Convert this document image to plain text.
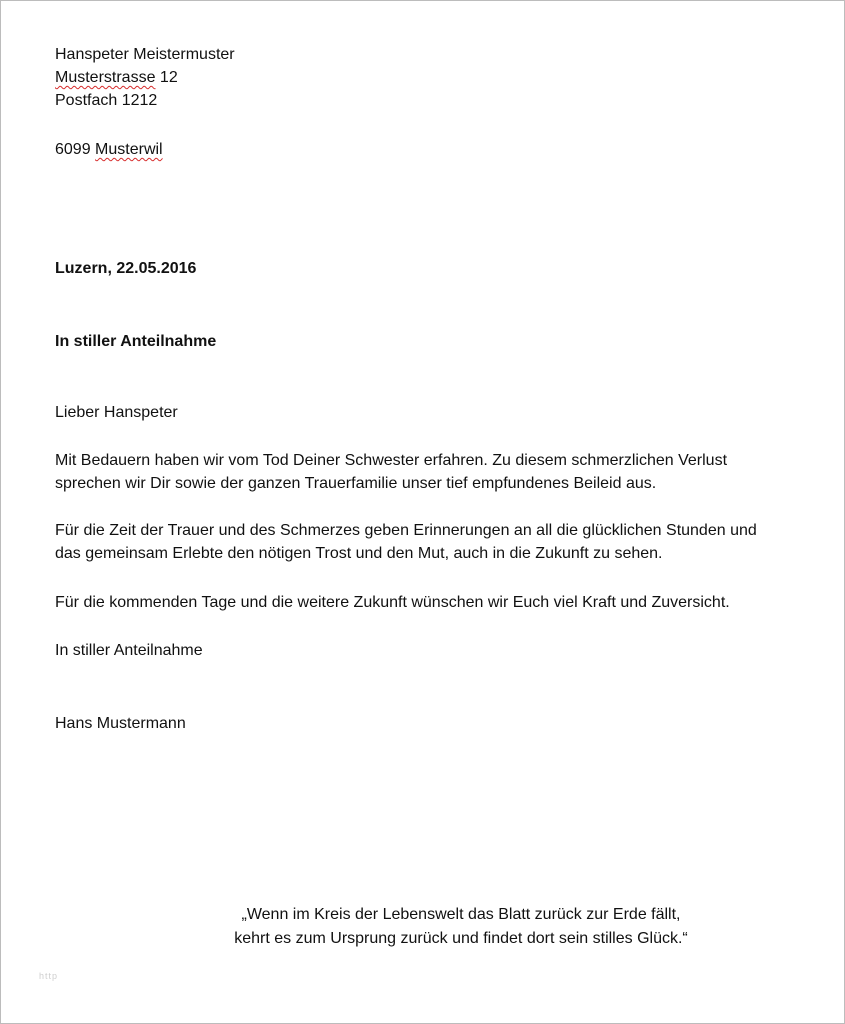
Hanspeter Meistermuster
Musterstrasse 12
Postfach 1212
6099 Musterwil
Luzern, 22.05.2016
In stiller Anteilnahme
Lieber Hanspeter
Mit Bedauern haben wir vom Tod Deiner Schwester erfahren. Zu diesem schmerzlichen Verlust
sprechen wir Dir sowie der ganzen Trauerfamilie unser tief empfundenes Beileid aus.
Für die Zeit der Trauer und des Schmerzes geben Erinnerungen an all die glücklichen Stunden und
das gemeinsam Erlebte den nötigen Trost und den Mut, auch in die Zukunft zu sehen.
Für die kommenden Tage und die weitere Zukunft wünschen wir Euch viel Kraft und Zuversicht.
In stiller Anteilnahme
Hans Mustermann
„Wenn im Kreis der Lebenswelt das Blatt zurück zur Erde fällt,
kehrt es zum Ursprung zurück und findet dort sein stilles Glück.“
http
